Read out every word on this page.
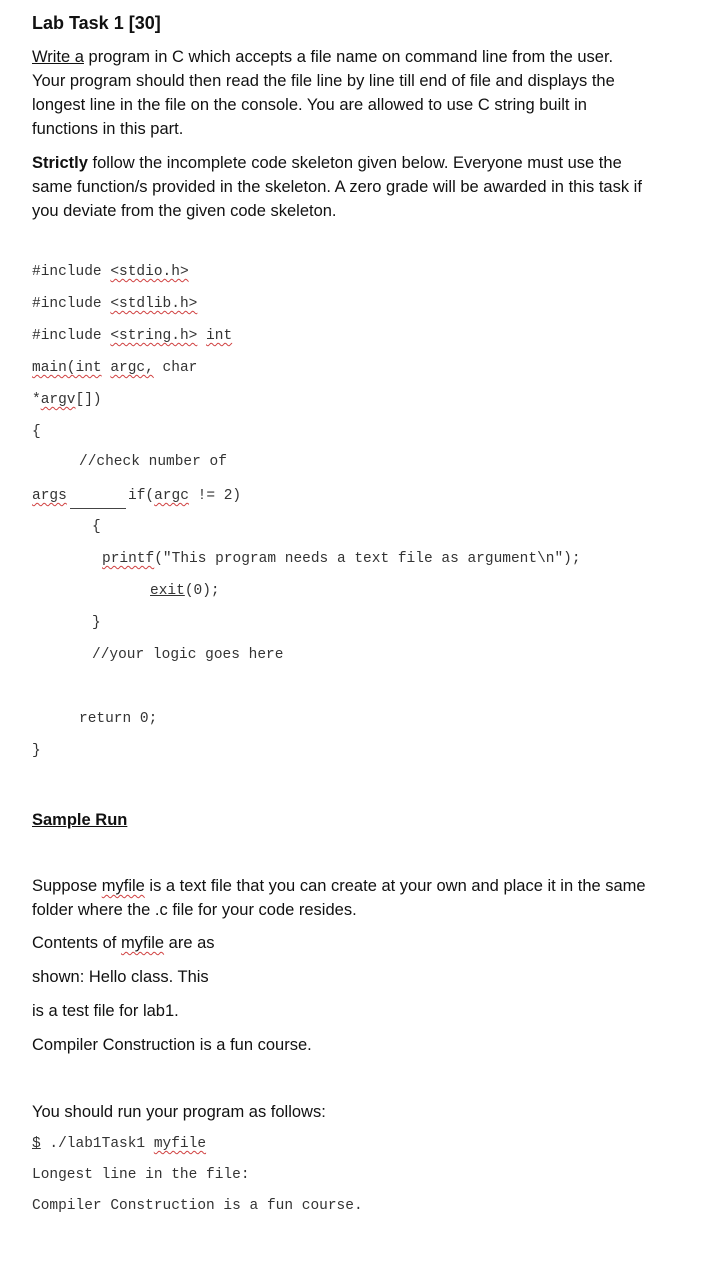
Lab Task 1 [30]
Write a program in C which accepts a file name on command line from the user.
Your program should then read the file line by line till end of file and displays the
longest line in the file on the console. You are allowed to use C string built in
functions in this part.
Strictly follow the incomplete code skeleton given below. Everyone must use the
same function/s provided in the skeleton. A zero grade will be awarded in this task if
you deviate from the given code skeleton.
#include <stdio.h>
#include <stdlib.h>
#include <string.h> int
main(int argc, char
*argv[])
{
//check number of
args	if(argc != 2)
{
printf("This program needs a text file as argument\n");
exit(0);
}
//your logic goes here
return 0;
}
Sample Run
Suppose myfile is a text file that you can create at your own and place it in the same
folder where the .c file for your code resides.
Contents of myfile are as
shown: Hello class. This
is a test file for lab1.
Compiler Construction is a fun course.
You should run your program as follows:
$ ./lab1Task1 myfile
Longest line in the file:
Compiler Construction is a fun course.
